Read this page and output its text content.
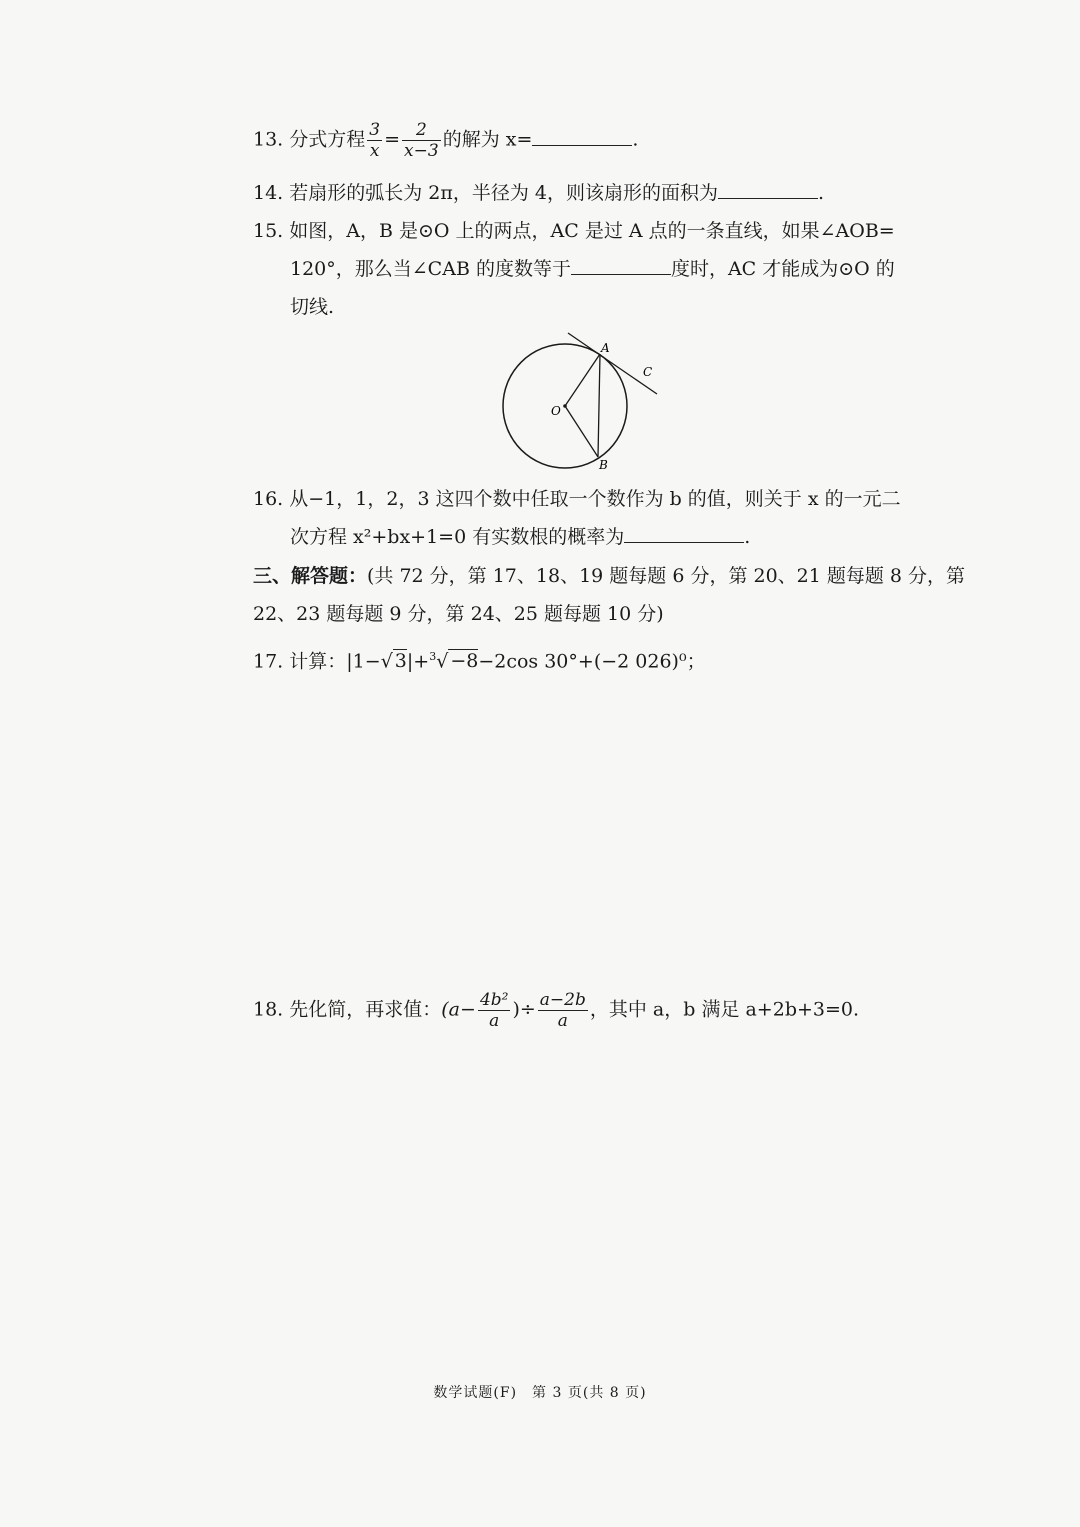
13. 分式方程 $\frac{3}{x} = \frac{2}{x-3}$ 的解为 x=	.
14. 若扇形的弧长为 2π，半径为 4，则该扇形的面积为	.
15. 如图，A，B 是⊙O 上的两点，AC 是过 A 点的一条直线，如果∠AOB=
120°，那么当∠CAB 的度数等于	度时，AC 才能成为⊙O 的
切线.
A
C
O
B
16. 从−1，1，2，3 这四个数中任取一个数作为 b 的值，则关于 x 的一元二
次方程 x²+bx+1=0 有实数根的概率为	.
三、解答题：(共 72 分，第 17、18、19 题每题 6 分，第 20、21 题每题 8 分，第
22、23 题每题 9 分，第 24、25 题每题 10 分)
17. 计算：|1−√ 3|+$^3$√ −8−2cos 30°+(−2 026)⁰；
18. 先化简，再求值：($a- \frac{\text{4b²}}{a}$ )÷ $\frac{a-2b}{a}$ ，其中 a，b 满足 a+2b+3=0.
数学试题(F)　第 3 页(共 8 页)
